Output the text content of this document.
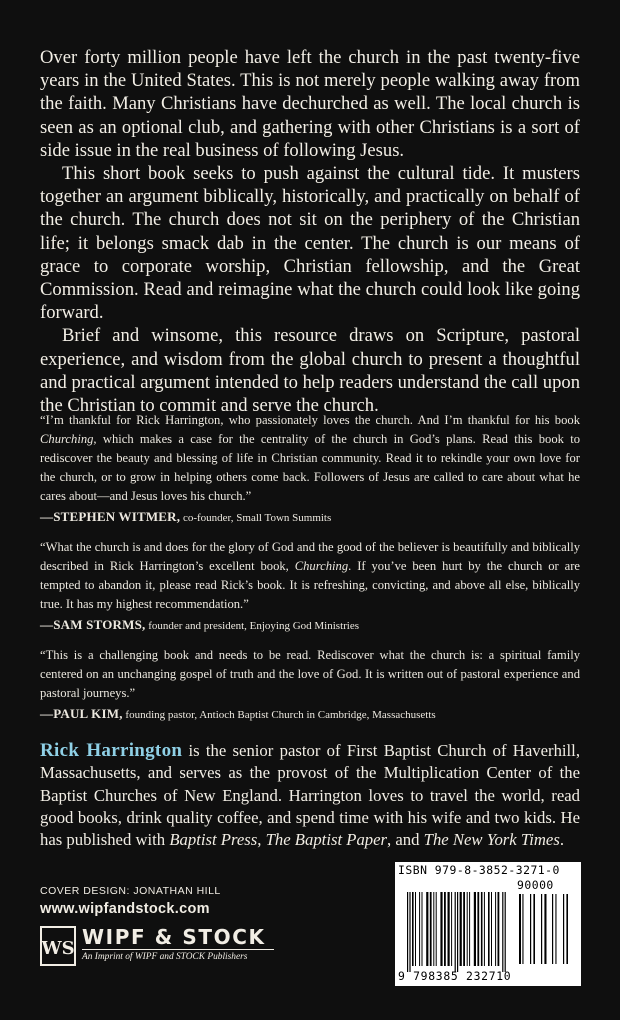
Over forty million people have left the church in the past twenty-five years in the United States. This is not merely people walking away from the faith. Many Christians have dechurched as well. The local church is seen as an optional club, and gathering with other Christians is a sort of side issue in the real business of following Jesus.

This short book seeks to push against the cultural tide. It musters together an argument biblically, historically, and practically on behalf of the church. The church does not sit on the periphery of the Christian life; it belongs smack dab in the center. The church is our means of grace to corporate worship, Christian fellowship, and the Great Commission. Read and reimagine what the church could look like going forward.

Brief and winsome, this resource draws on Scripture, pastoral experience, and wisdom from the global church to present a thoughtful and practical argument intended to help readers understand the call upon the Christian to commit and serve the church.

“I’m thankful for Rick Harrington, who passionately loves the church. And I’m thankful for his book Churching, which makes a case for the centrality of the church in God’s plans. Read this book to rediscover the beauty and blessing of life in Christian community. Read it to rekindle your own love for the church, or to grow in helping others come back. Followers of Jesus are called to care about what he cares about—and Jesus loves his church.”

—STEPHEN WITMER, co-founder, Small Town Summits

“What the church is and does for the glory of God and the good of the believer is beautifully and biblically described in Rick Harrington’s excellent book, Churching. If you’ve been hurt by the church or are tempted to abandon it, please read Rick’s book. It is refreshing, convicting, and above all else, biblically true. It has my highest recommendation.”

—SAM STORMS, founder and president, Enjoying God Ministries

“This is a challenging book and needs to be read. Rediscover what the church is: a spiritual family centered on an unchanging gospel of truth and the love of God. It is written out of pastoral experience and pastoral journeys.”

—PAUL KIM, founding pastor, Antioch Baptist Church in Cambridge, Massachusetts

Rick Harrington is the senior pastor of First Baptist Church of Haverhill, Massachusetts, and serves as the provost of the Multiplication Center of the Baptist Churches of New England. Harrington loves to travel the world, read good books, drink quality coffee, and spend time with his wife and two kids. He has published with Baptist Press, The Baptist Paper, and The New York Times.
COVER DESIGN: JONATHAN HILL
www.wipfandstock.com
WS WIPF & STOCK
An Imprint of WIPF and STOCK Publishers
ISBN 979-8-3852-3271-0
90000
9 798385 232710
